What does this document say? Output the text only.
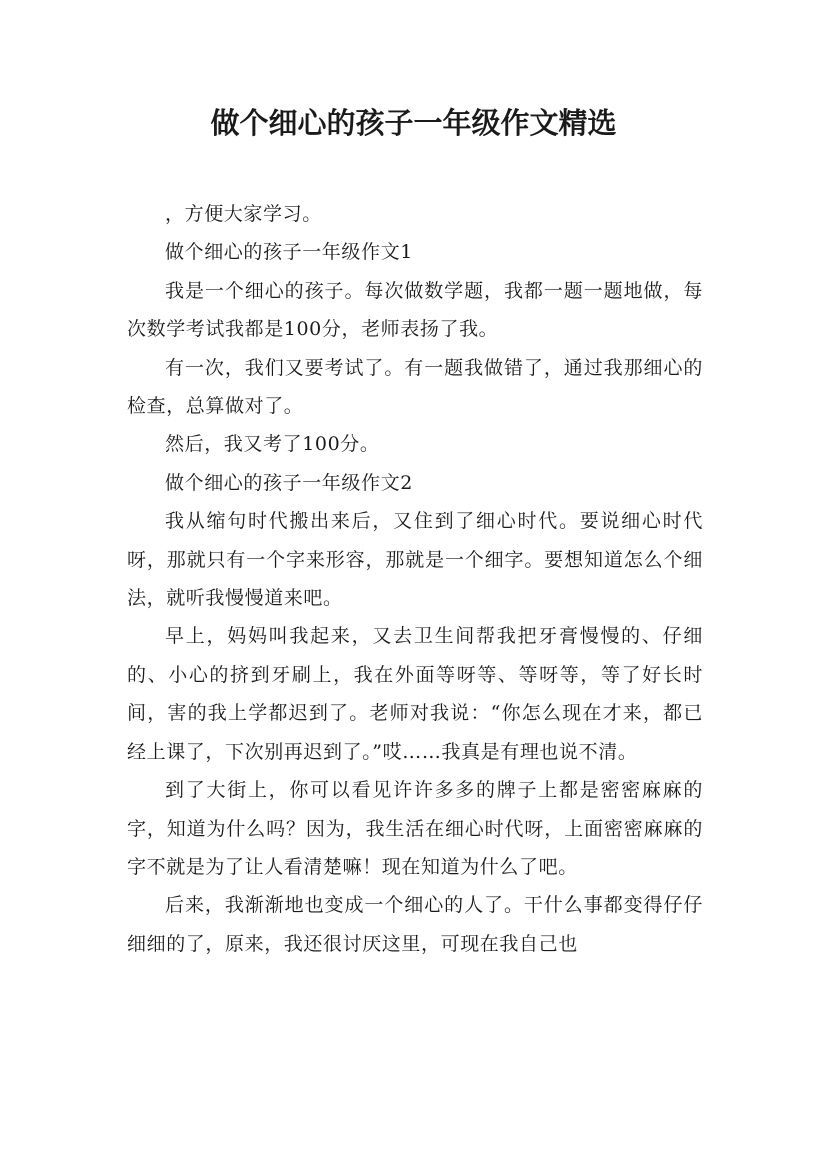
做个细心的孩子一年级作文精选

，方便大家学习。

做个细心的孩子一年级作文1

我是一个细心的孩子。每次做数学题，我都一题一题地做，每次数学考试我都是100分，老师表扬了我。

有一次，我们又要考试了。有一题我做错了，通过我那细心的检查，总算做对了。

然后，我又考了100分。

做个细心的孩子一年级作文2

我从缩句时代搬出来后，又住到了细心时代。要说细心时代呀，那就只有一个字来形容，那就是一个细字。要想知道怎么个细法，就听我慢慢道来吧。

早上，妈妈叫我起来，又去卫生间帮我把牙膏慢慢的、仔细的、小心的挤到牙刷上，我在外面等呀等、等呀等，等了好长时间，害的我上学都迟到了。老师对我说：“你怎么现在才来，都已经上课了，下次别再迟到了。”哎……我真是有理也说不清。

到了大街上，你可以看见许许多多的牌子上都是密密麻麻的字，知道为什么吗？因为，我生活在细心时代呀，上面密密麻麻的字不就是为了让人看清楚嘛！现在知道为什么了吧。

后来，我渐渐地也变成一个细心的人了。干什么事都变得仔仔细细的了，原来，我还很讨厌这里，可现在我自己也
